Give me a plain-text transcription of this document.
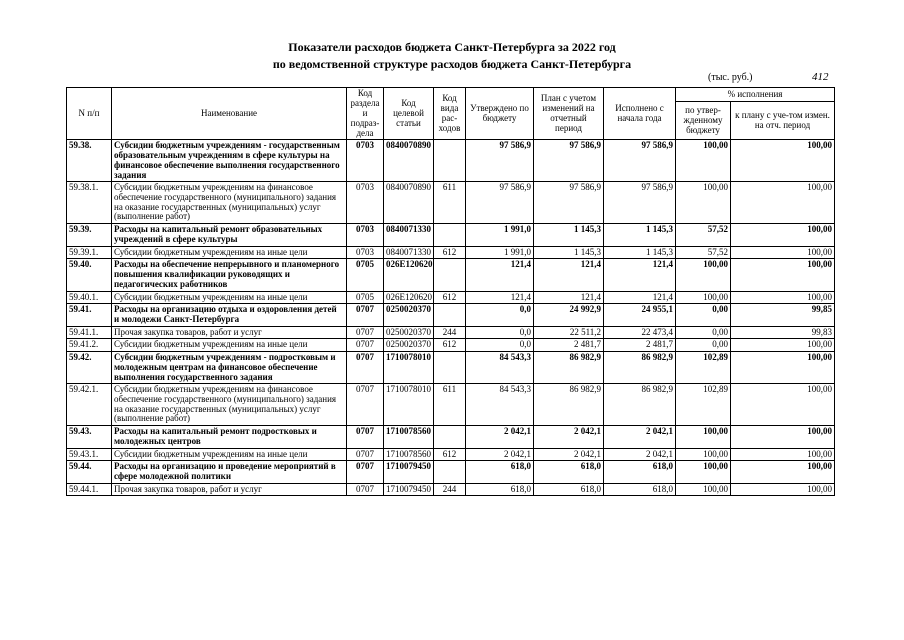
Показатели расходов бюджета Санкт-Петербурга за 2022 год
по ведомственной структуре расходов бюджета Санкт-Петербурга
(тыс. руб.)	412
N п/п	Наименование	Код раздела и подраз-дела	Код целевой статьи	Код вида рас-ходов	Утверждено по бюджету	План с учетом изменений на отчетный период	Исполнено с начала года	% исполнения	
								по утвер-жденному бюджету	к плану с уче-том измен. на отч. период
59.38.	Субсидии бюджетным учреждениям - государственным образовательным учреждениям в сфере культуры на финансовое обеспечение выполнения государственного задания	0703	0840070890		97 586,9	97 586,9	97 586,9	100,00	100,00
59.38.1.	Субсидии бюджетным учреждениям на финансовое обеспечение государственного (муниципального) задания на оказание государственных (муниципальных) услуг (выполнение работ)	0703	0840070890	611	97 586,9	97 586,9	97 586,9	100,00	100,00
59.39.	Расходы на капитальный ремонт образовательных учреждений в сфере культуры	0703	0840071330		1 991,0	1 145,3	1 145,3	57,52	100,00
59.39.1.	Субсидии бюджетным учреждениям на иные цели	0703	0840071330	612	1 991,0	1 145,3	1 145,3	57,52	100,00
59.40.	Расходы на обеспечение непрерывного и планомерного повышения квалификации руководящих и педагогических работников	0705	026E120620		121,4	121,4	121,4	100,00	100,00
59.40.1.	Субсидии бюджетным учреждениям на иные цели	0705	026E120620	612	121,4	121,4	121,4	100,00	100,00
59.41.	Расходы на организацию отдыха и оздоровления детей и молодежи Санкт-Петербурга	0707	0250020370		0,0	24 992,9	24 955,1	0,00	99,85
59.41.1.	Прочая закупка товаров, работ и услуг	0707	0250020370	244	0,0	22 511,2	22 473,4	0,00	99,83
59.41.2.	Субсидии бюджетным учреждениям на иные цели	0707	0250020370	612	0,0	2 481,7	2 481,7	0,00	100,00
59.42.	Субсидии бюджетным учреждениям - подростковым и молодежным центрам на финансовое обеспечение выполнения государственного задания	0707	1710078010		84 543,3	86 982,9	86 982,9	102,89	100,00
59.42.1.	Субсидии бюджетным учреждениям на финансовое обеспечение государственного (муниципального) задания на оказание государственных (муниципальных) услуг (выполнение работ)	0707	1710078010	611	84 543,3	86 982,9	86 982,9	102,89	100,00
59.43.	Расходы на капитальный ремонт подростковых и молодежных центров	0707	1710078560		2 042,1	2 042,1	2 042,1	100,00	100,00
59.43.1.	Субсидии бюджетным учреждениям на иные цели	0707	1710078560	612	2 042,1	2 042,1	2 042,1	100,00	100,00
59.44.	Расходы на организацию и проведение мероприятий в сфере молодежной политики	0707	1710079450		618,0	618,0	618,0	100,00	100,00
59.44.1.	Прочая закупка товаров, работ и услуг	0707	1710079450	244	618,0	618,0	618,0	100,00	100,00
